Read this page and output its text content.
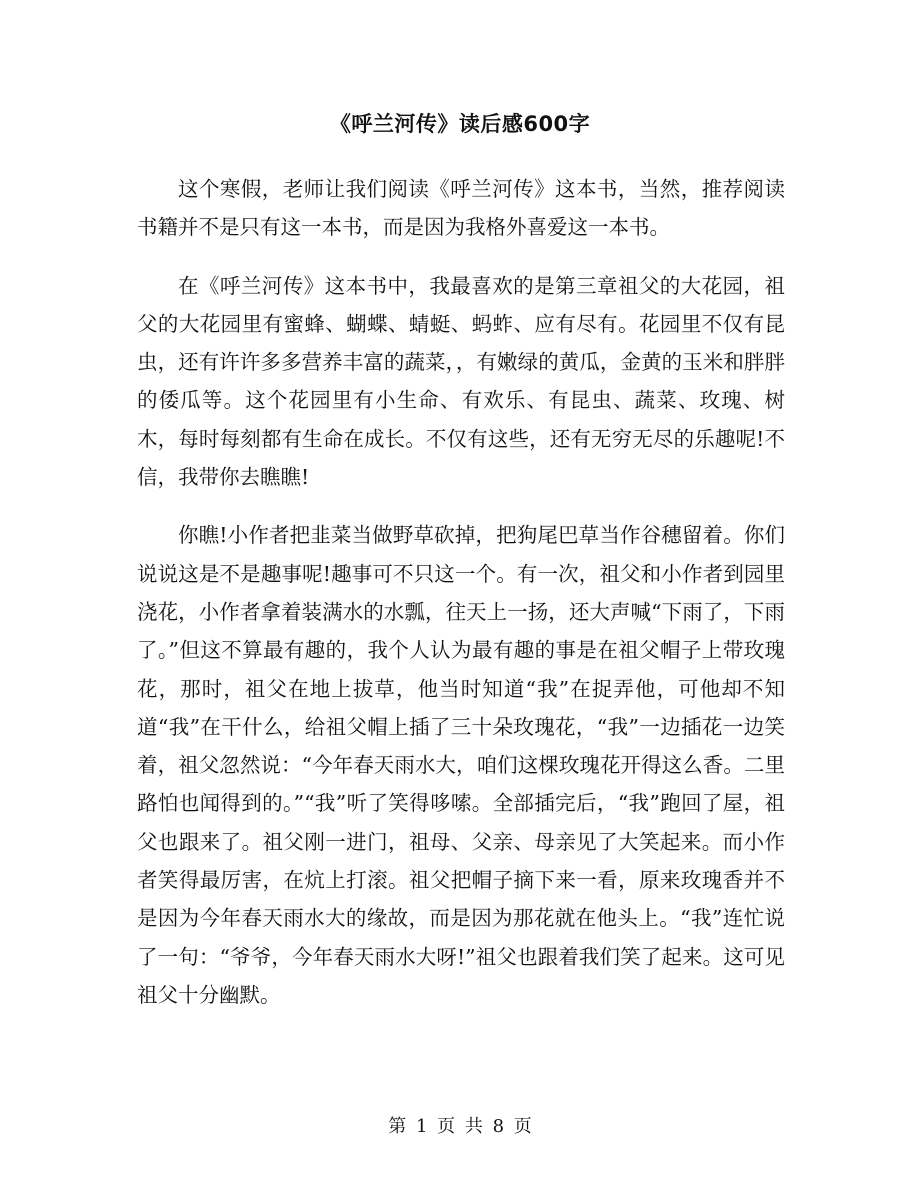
《呼兰河传》读后感600字

这个寒假，老师让我们阅读《呼兰河传》这本书，当然，推荐阅读书籍并不是只有这一本书，而是因为我格外喜爱这一本书。

在《呼兰河传》这本书中，我最喜欢的是第三章祖父的大花园，祖父的大花园里有蜜蜂、蝴蝶、蜻蜓、蚂蚱、应有尽有。花园里不仅有昆虫，还有许许多多营养丰富的蔬菜，，有嫩绿的黄瓜，金黄的玉米和胖胖的倭瓜等。这个花园里有小生命、有欢乐、有昆虫、蔬菜、玫瑰、树木，每时每刻都有生命在成长。不仅有这些，还有无穷无尽的乐趣呢!不信，我带你去瞧瞧!

你瞧!小作者把韭菜当做野草砍掉，把狗尾巴草当作谷穗留着。你们说说这是不是趣事呢!趣事可不只这一个。有一次，祖父和小作者到园里浇花，小作者拿着装满水的水瓢，往天上一扬，还大声喊“下雨了，下雨了。”但这不算最有趣的，我个人认为最有趣的事是在祖父帽子上带玫瑰花，那时，祖父在地上拔草，他当时知道“我”在捉弄他，可他却不知道“我”在干什么，给祖父帽上插了三十朵玫瑰花，“我”一边插花一边笑着，祖父忽然说：“今年春天雨水大，咱们这棵玫瑰花开得这么香。二里路怕也闻得到的。”“我”听了笑得哆嗦。全部插完后，“我”跑回了屋，祖父也跟来了。祖父刚一进门，祖母、父亲、母亲见了大笑起来。而小作者笑得最厉害，在炕上打滚。祖父把帽子摘下来一看，原来玫瑰香并不是因为今年春天雨水大的缘故，而是因为那花就在他头上。“我”连忙说了一句：“爷爷，今年春天雨水大呀!”祖父也跟着我们笑了起来。这可见祖父十分幽默。

第 1 页 共 8 页
